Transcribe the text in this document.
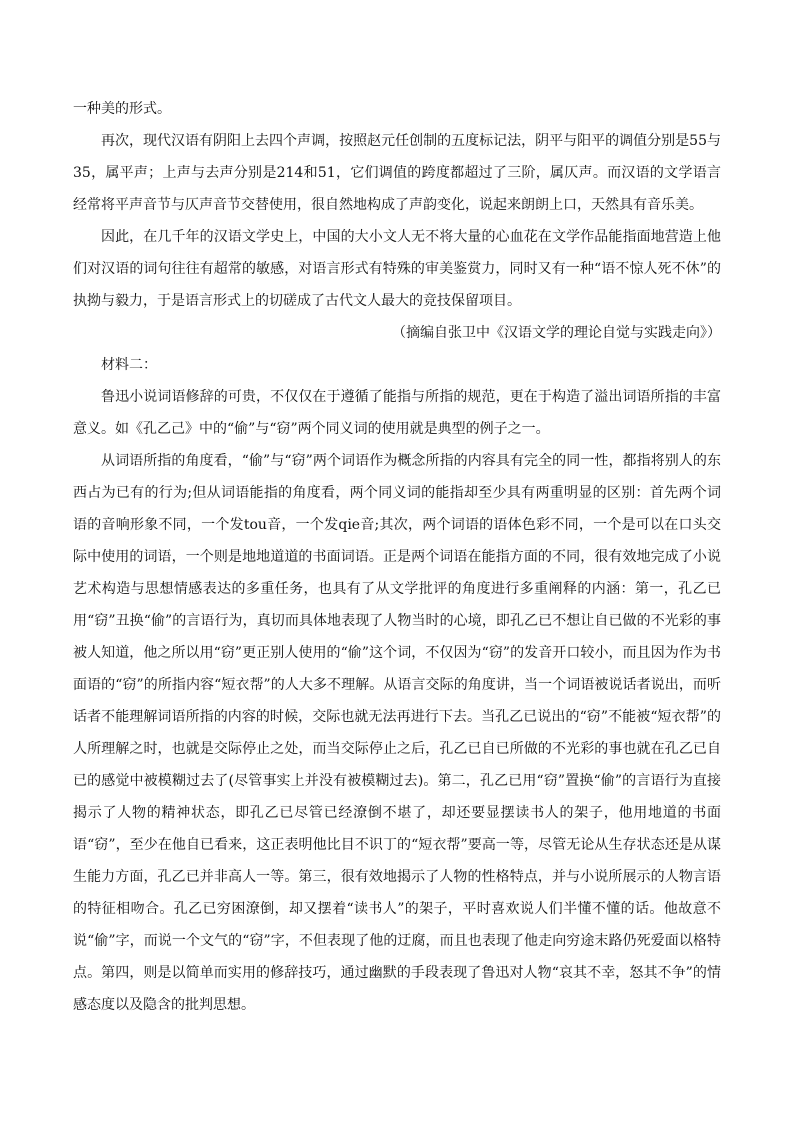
一种美的形式。

再次，现代汉语有阴阳上去四个声调，按照赵元任创制的五度标记法，阴平与阳平的调值分别是55与35，属平声；上声与去声分别是214和51，它们调值的跨度都超过了三阶，属仄声。而汉语的文学语言经常将平声音节与仄声音节交替使用，很自然地构成了声韵变化，说起来朗朗上口，天然具有音乐美。

因此，在几千年的汉语文学史上，中国的大小文人无不将大量的心血花在文学作品能指面地营造上他们对汉语的词句往往有超常的敏感，对语言形式有特殊的审美鉴赏力，同时又有一种“语不惊人死不休”的执拗与毅力，于是语言形式上的切磋成了古代文人最大的竞技保留项目。

（摘编自张卫中《汉语文学的理论自觉与实践走向》）

材料二：

鲁迅小说词语修辞的可贵，不仅仅在于遵循了能指与所指的规范，更在于构造了溢出词语所指的丰富意义。如《孔乙己》中的“偷”与“窃”两个同义词的使用就是典型的例子之一。

从词语所指的角度看，“偷”与“窃”两个词语作为概念所指的内容具有完全的同一性，都指将别人的东西占为已有的行为;但从词语能指的角度看，两个同义词的能指却至少具有两重明显的区别：首先两个词语的音响形象不同，一个发tou音，一个发qie音;其次，两个词语的语体色彩不同，一个是可以在口头交际中使用的词语，一个则是地地道道的书面词语。正是两个词语在能指方面的不同，很有效地完成了小说艺术构造与思想情感表达的多重任务，也具有了从文学批评的角度进行多重阐释的内涵：第一，孔乙已用“窃”丑换“偷”的言语行为，真切而具体地表现了人物当时的心境，即孔乙已不想让自已做的不光彩的事被人知道，他之所以用“窃”更正别人使用的“偷”这个词，不仅因为“窃”的发音开口较小，而且因为作为书面语的“窃”的所指内容“短衣帮”的人大多不理解。从语言交际的角度讲，当一个词语被说话者说出，而听话者不能理解词语所指的内容的时候，交际也就无法再进行下去。当孔乙已说出的“窃”不能被“短衣帮”的人所理解之时，也就是交际停止之处，而当交际停止之后，孔乙已自已所做的不光彩的事也就在孔乙已自已的感觉中被模糊过去了(尽管事实上并没有被模糊过去)。第二，孔乙已用“窃”置换“偷”的言语行为直接揭示了人物的精神状态，即孔乙已尽管已经潦倒不堪了，却还要显摆读书人的架子，他用地道的书面语“窃”，至少在他自已看来，这正表明他比目不识丁的“短衣帮”要高一等，尽管无论从生存状态还是从谋生能力方面，孔乙已并非高人一等。第三，很有效地揭示了人物的性格特点，并与小说所展示的人物言语的特征相吻合。孔乙已穷困潦倒，却又摆着“读书人”的架子，平时喜欢说人们半懂不懂的话。他故意不说“偷”字，而说一个文气的“窃”字，不但表现了他的迂腐，而且也表现了他走向穷途末路仍死爱面以格特点。第四，则是以简单而实用的修辞技巧，通过幽默的手段表现了鲁迅对人物“哀其不幸，怒其不争”的情感态度以及隐含的批判思想。
